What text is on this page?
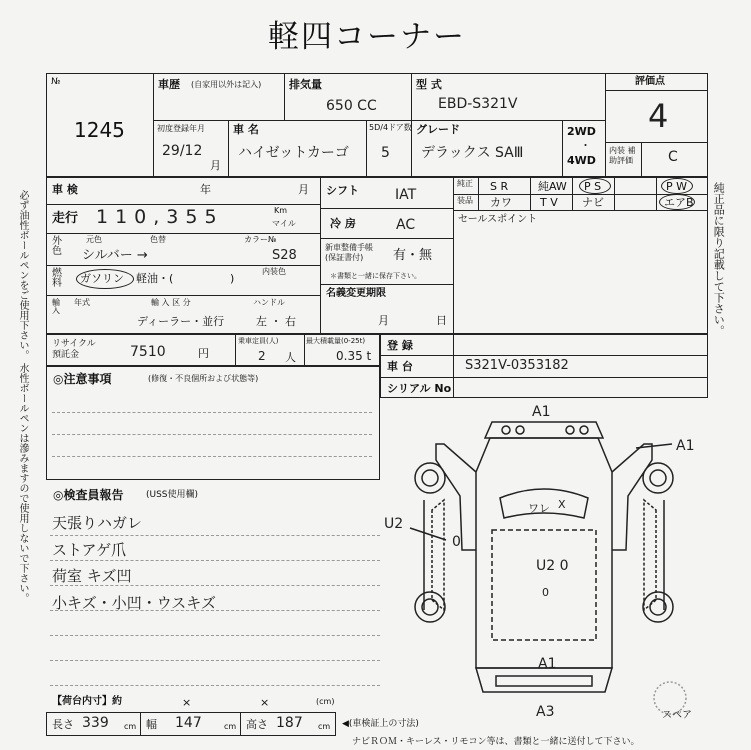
軽四コーナー
№
1245
車歴 (自家用以外は記入)	排気量
650 CC
型 式
EBD-S321V
評価点
4
内装 補助評価	C
初度登録年月
29/12
月
車 名
ハイゼットカーゴ
5D/4ドア数
5
グレード
デラックス SAⅢ
2WD
・
4WD
必ず油性ボールペンをご使用下さい。 水性ボールペンは滲みますので使用しないで下さい。
車 検	年	月
走行 110,355	Km
マイル
外色
元色	色替
シルバー →
カラー№
S28
燃料	ガソリン 軽油・(	)
内装色
輸入
年式	輸 入 区 分
ディーラー・並行
ハンドル
左 ・ 右
シフト	IAT
冷 房	AC
新車整備手帳 (保証書付)	有・無
＊書類と一緒に保存下さい。
名義変更期限
月	日
純正 S R	純AW P S	P W
装品 カワ	T V ナビ	エアB
セールスポイント	純正品に限り記載して下さい。
リサイクル預託金	7510	円
乗車定員(人)
2 人
最大積載量(0-25t)
0.35 t
登 録
車 台	S321V-0353182
シリアル No
◎注意事項	(修復・不良個所および状態等)
◎検査員報告	(USS使用欄)
天張りハガレ
ストアゲ爪
荷室 キズ凹
小キズ・小凹・ウスキズ
【荷台内寸】約	×	×	(cm)
長さ 339 cm 幅 147	cm 高さ 187 cm ◀(車検証上の寸法)
ナビＲＯＭ・キーレス・リモコン等は、書類と一緒に送付して下さい。
A1
A1
U2
0
ワレ X
U2 0
0
A1
A3	スペア
